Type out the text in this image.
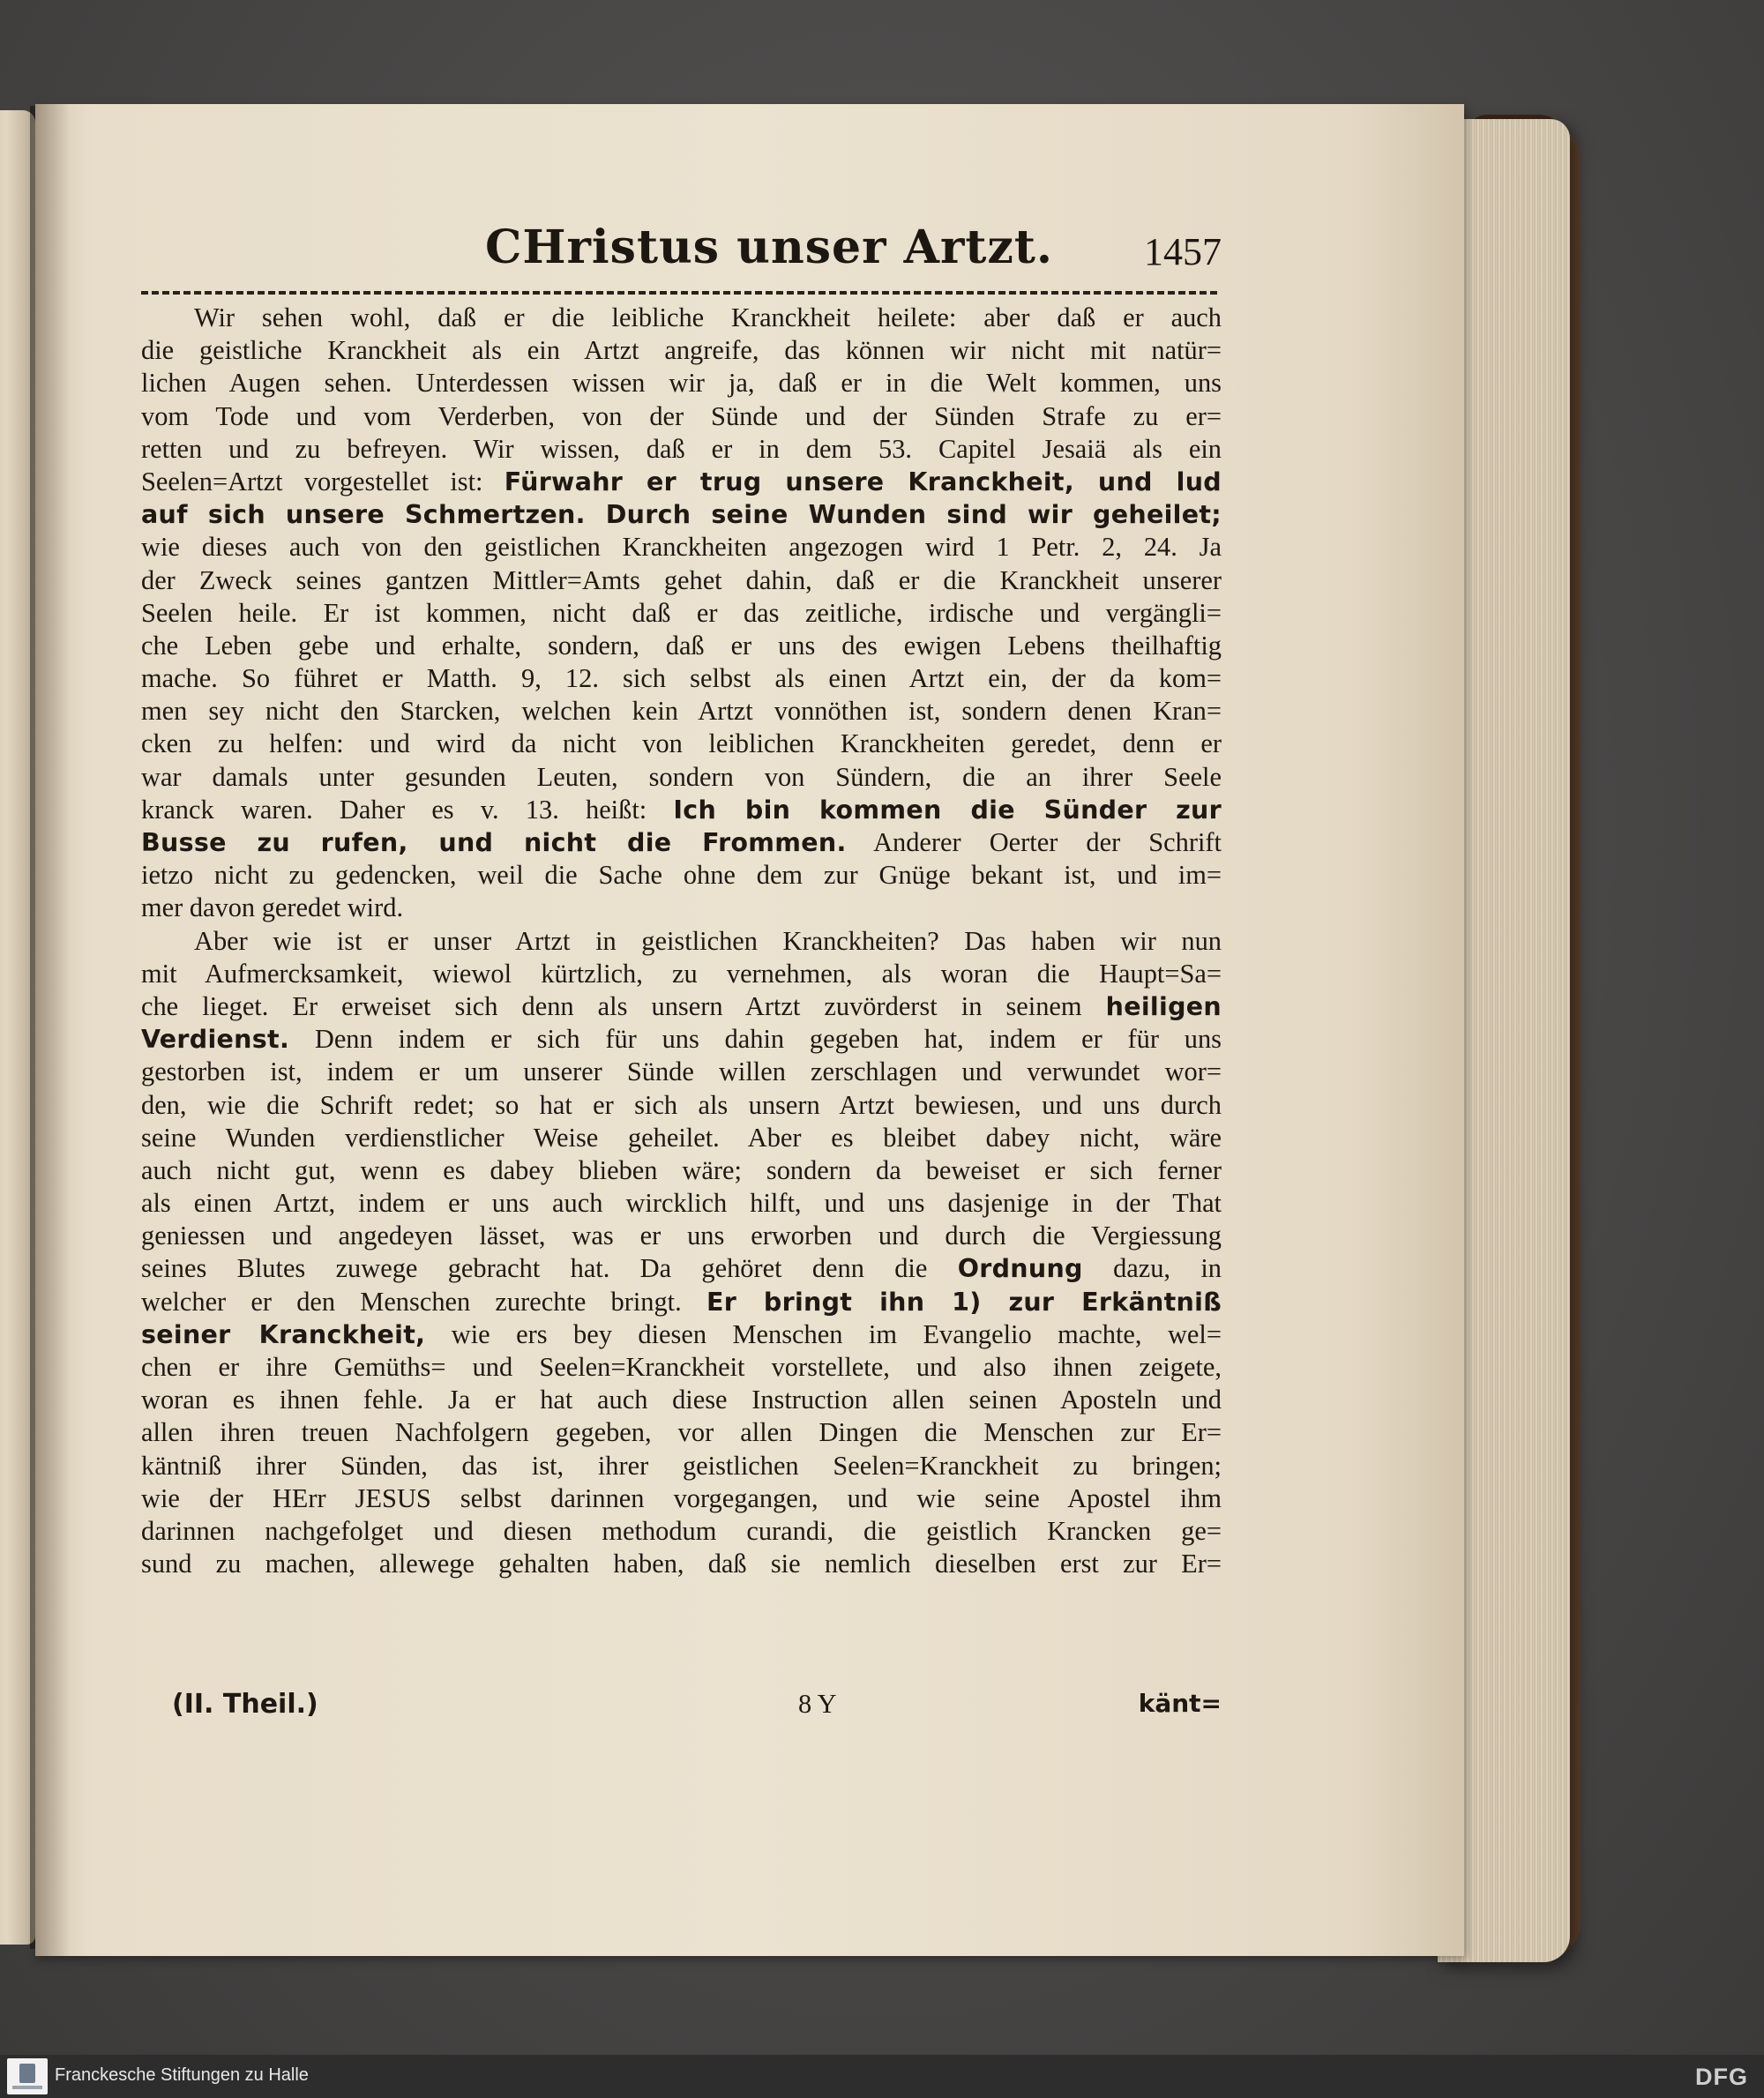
CHristus unser Artzt. 1457
Wir sehen wohl, daß er die leibliche Kranckheit heilete: aber daß er auch
die geistliche Kranckheit als ein Artzt angreife, das können wir nicht mit natür=
lichen Augen sehen. Unterdessen wissen wir ja, daß er in die Welt kommen, uns
vom Tode und vom Verderben, von der Sünde und der Sünden Strafe zu er=
retten und zu befreyen. Wir wissen, daß er in dem 53. Capitel Jesaiä als ein
Seelen=Artzt vorgestellet ist: Fürwahr er trug unsere Kranckheit, und lud
auf sich unsere Schmertzen. Durch seine Wunden sind wir geheilet;
wie dieses auch von den geistlichen Kranckheiten angezogen wird 1 Petr. 2, 24. Ja
der Zweck seines gantzen Mittler=Amts gehet dahin, daß er die Kranckheit unserer
Seelen heile. Er ist kommen, nicht daß er das zeitliche, irdische und vergängli=
che Leben gebe und erhalte, sondern, daß er uns des ewigen Lebens theilhaftig
mache. So führet er Matth. 9, 12. sich selbst als einen Artzt ein, der da kom=
men sey nicht den Starcken, welchen kein Artzt vonnöthen ist, sondern denen Kran=
cken zu helfen: und wird da nicht von leiblichen Kranckheiten geredet, denn er
war damals unter gesunden Leuten, sondern von Sündern, die an ihrer Seele
kranck waren. Daher es v. 13. heißt: Ich bin kommen die Sünder zur
Busse zu rufen, und nicht die Frommen. Anderer Oerter der Schrift
ietzo nicht zu gedencken, weil die Sache ohne dem zur Gnüge bekant ist, und im=
mer davon geredet wird.
Aber wie ist er unser Artzt in geistlichen Kranckheiten? Das haben wir nun
mit Aufmercksamkeit, wiewol kürtzlich, zu vernehmen, als woran die Haupt=Sa=
che lieget. Er erweiset sich denn als unsern Artzt zuvörderst in seinem heiligen
Verdienst. Denn indem er sich für uns dahin gegeben hat, indem er für uns
gestorben ist, indem er um unserer Sünde willen zerschlagen und verwundet wor=
den, wie die Schrift redet; so hat er sich als unsern Artzt bewiesen, und uns durch
seine Wunden verdienstlicher Weise geheilet. Aber es bleibet dabey nicht, wäre
auch nicht gut, wenn es dabey blieben wäre; sondern da beweiset er sich ferner
als einen Artzt, indem er uns auch wircklich hilft, und uns dasjenige in der That
geniessen und angedeyen lässet, was er uns erworben und durch die Vergiessung
seines Blutes zuwege gebracht hat. Da gehöret denn die Ordnung dazu, in
welcher er den Menschen zurechte bringt. Er bringt ihn 1) zur Erkäntniß
seiner Kranckheit, wie ers bey diesen Menschen im Evangelio machte, wel=
chen er ihre Gemüths= und Seelen=Kranckheit vorstellete, und also ihnen zeigete,
woran es ihnen fehle. Ja er hat auch diese Instruction allen seinen Aposteln und
allen ihren treuen Nachfolgern gegeben, vor allen Dingen die Menschen zur Er=
käntniß ihrer Sünden, das ist, ihrer geistlichen Seelen=Kranckheit zu bringen;
wie der HErr JESUS selbst darinnen vorgegangen, und wie seine Apostel ihm
darinnen nachgefolget und diesen methodum curandi, die geistlich Krancken ge=
sund zu machen, allewege gehalten haben, daß sie nemlich dieselben erst zur Er=
(II. Theil.)	8 Y	känt=
Franckesche Stiftungen zu Halle	DFG
